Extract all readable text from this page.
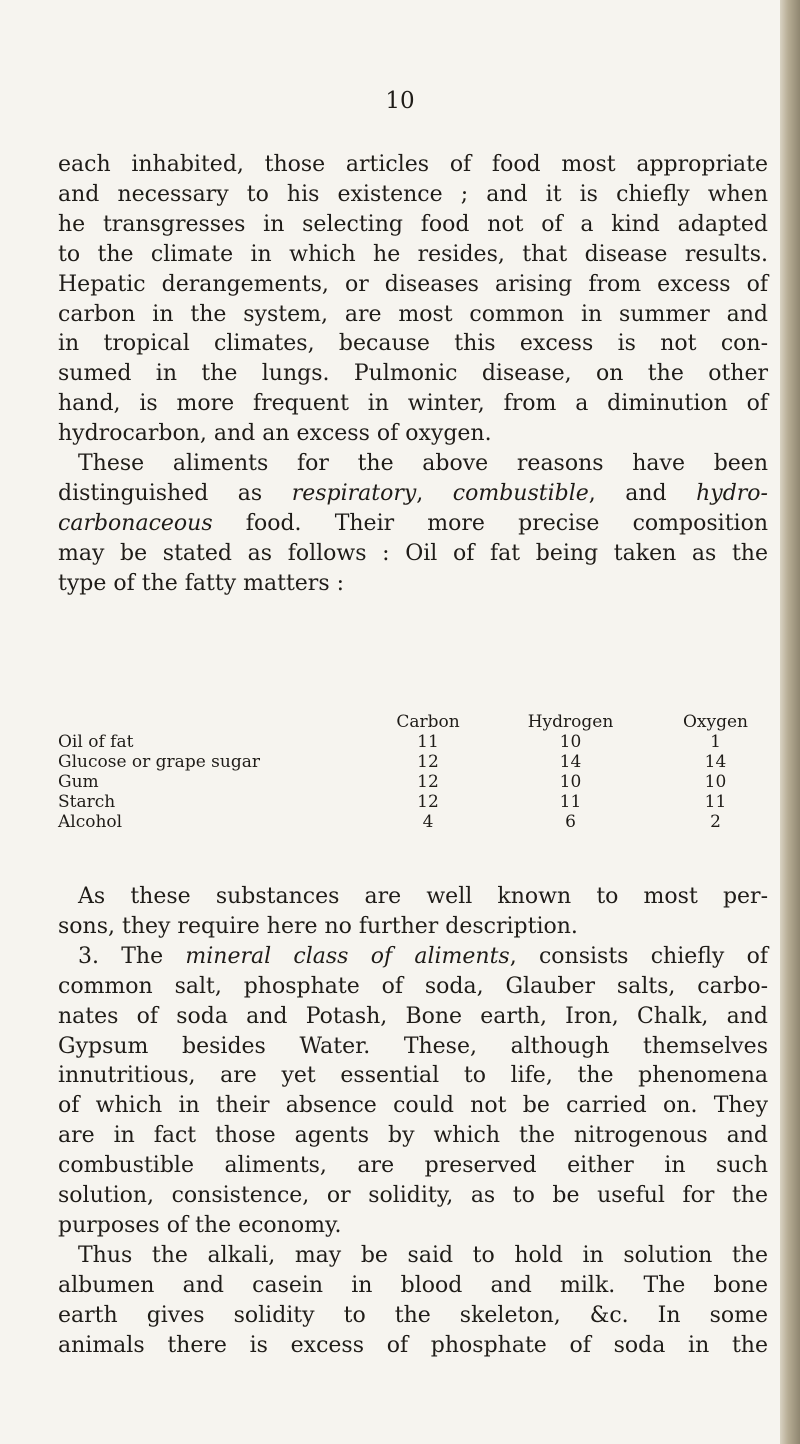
10
each inhabited, those articles of food most appropriate
and necessary to his existence ; and it is chiefly when
he transgresses in selecting food not of a kind adapted
to the climate in which he resides, that disease results.
Hepatic derangements, or diseases arising from excess of
carbon in the system, are most common in summer and
in tropical climates, because this excess is not con-
sumed in the lungs. Pulmonic disease, on the other
hand, is more frequent in winter, from a diminution of
hydrocarbon, and an excess of oxygen.
These aliments for the above reasons have been
distinguished as respiratory, combustible, and hydro-
carbonaceous food. Their more precise composition
may be stated as follows : Oil of fat being taken as the
type of the fatty matters :
	Carbon	Hydrogen	Oxygen
Oil of fat	11	10	1
Glucose or grape sugar	12	14	14
Gum	12	10	10
Starch	12	11	11
Alcohol	4	6	2
As these substances are well known to most per-
sons, they require here no further description.
3. The mineral class of aliments, consists chiefly of
common salt, phosphate of soda, Glauber salts, carbo-
nates of soda and Potash, Bone earth, Iron, Chalk, and
Gypsum besides Water. These, although themselves
innutritious, are yet essential to life, the phenomena
of which in their absence could not be carried on. They
are in fact those agents by which the nitrogenous and
combustible aliments, are preserved either in such
solution, consistence, or solidity, as to be useful for the
purposes of the economy.
Thus the alkali, may be said to hold in solution the
albumen and casein in blood and milk. The bone
earth gives solidity to the skeleton, &c. In some
animals there is excess of phosphate of soda in the
